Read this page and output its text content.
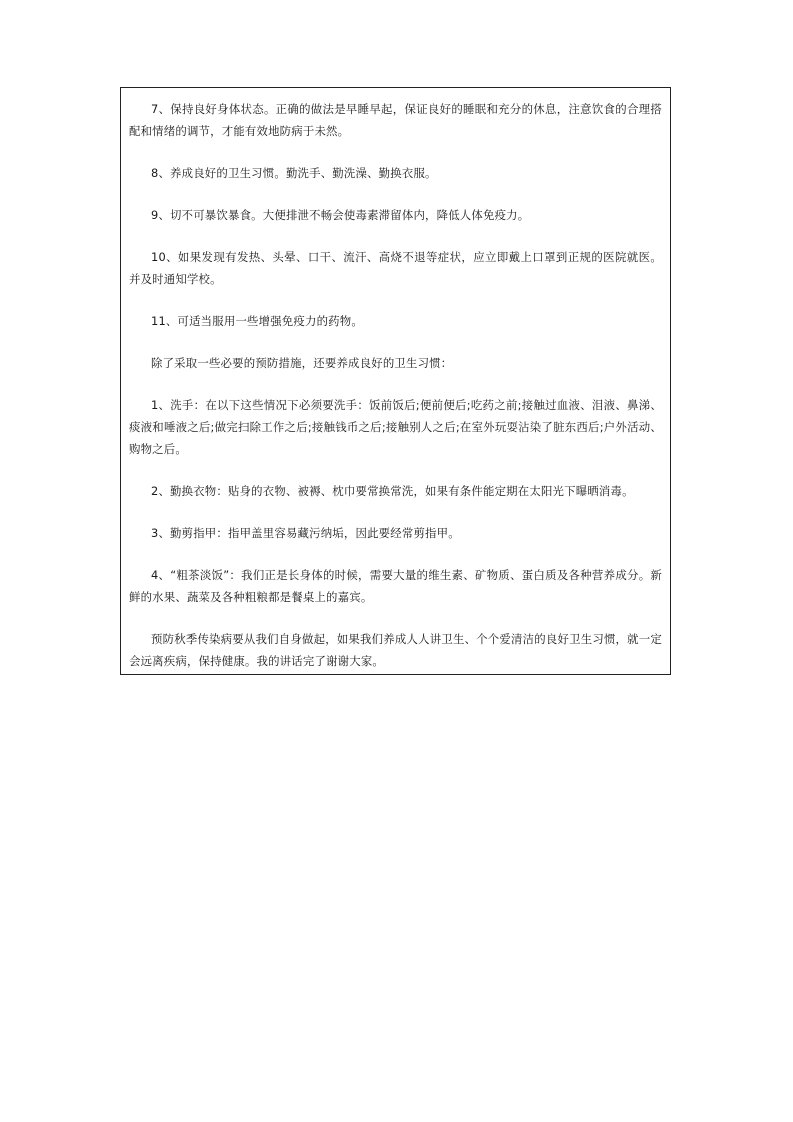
7、保持良好身体状态。正确的做法是早睡早起，保证良好的睡眠和充分的休息，注意饮食的合理搭配和情绪的调节，才能有效地防病于未然。

8、养成良好的卫生习惯。勤洗手、勤洗澡、勤换衣服。

9、切不可暴饮暴食。大便排泄不畅会使毒素滞留体内，降低人体免疫力。

10、如果发现有发热、头晕、口干、流汗、高烧不退等症状，应立即戴上口罩到正规的医院就医。并及时通知学校。

11、可适当服用一些增强免疫力的药物。

除了采取一些必要的预防措施，还要养成良好的卫生习惯：

1、洗手：在以下这些情况下必须要洗手：饭前饭后;便前便后;吃药之前;接触过血液、泪液、鼻涕、痰液和唾液之后;做完扫除工作之后;接触钱币之后;接触别人之后;在室外玩耍沾染了脏东西后;户外活动、购物之后。

2、勤换衣物：贴身的衣物、被褥、枕巾要常换常洗，如果有条件能定期在太阳光下曝晒消毒。

3、勤剪指甲：指甲盖里容易藏污纳垢，因此要经常剪指甲。

4、“粗茶淡饭”：我们正是长身体的时候，需要大量的维生素、矿物质、蛋白质及各种营养成分。新鲜的水果、蔬菜及各种粗粮都是餐桌上的嘉宾。

预防秋季传染病要从我们自身做起，如果我们养成人人讲卫生、个个爱清洁的良好卫生习惯，就一定会远离疾病，保持健康。我的讲话完了谢谢大家。
